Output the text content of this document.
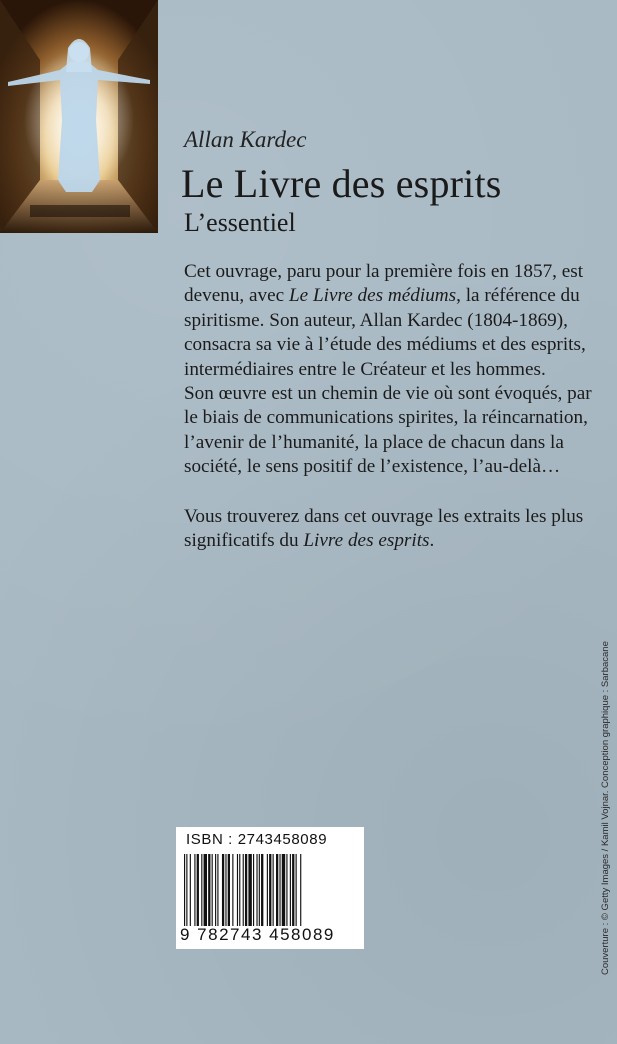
Allan Kardec
Le Livre des esprits
L’essentiel

Cet ouvrage, paru pour la première fois en 1857, est devenu, avec Le Livre des médiums, la référence du spiritisme. Son auteur, Allan Kardec (1804-1869), consacra sa vie à l’étude des médiums et des esprits, intermédiaires entre le Créateur et les hommes.

Son œuvre est un chemin de vie où sont évoqués, par le biais de communications spirites, la réincarnation, l’avenir de l’humanité, la place de chacun dans la société, le sens positif de l’existence, l’au-delà…

Vous trouverez dans cet ouvrage les extraits les plus significatifs du Livre des esprits.

ISBN : 2743458089
9 782743 458089	Couverture : © Getty Images / Kamil Vojnar. Conception graphique : Sarbacane
